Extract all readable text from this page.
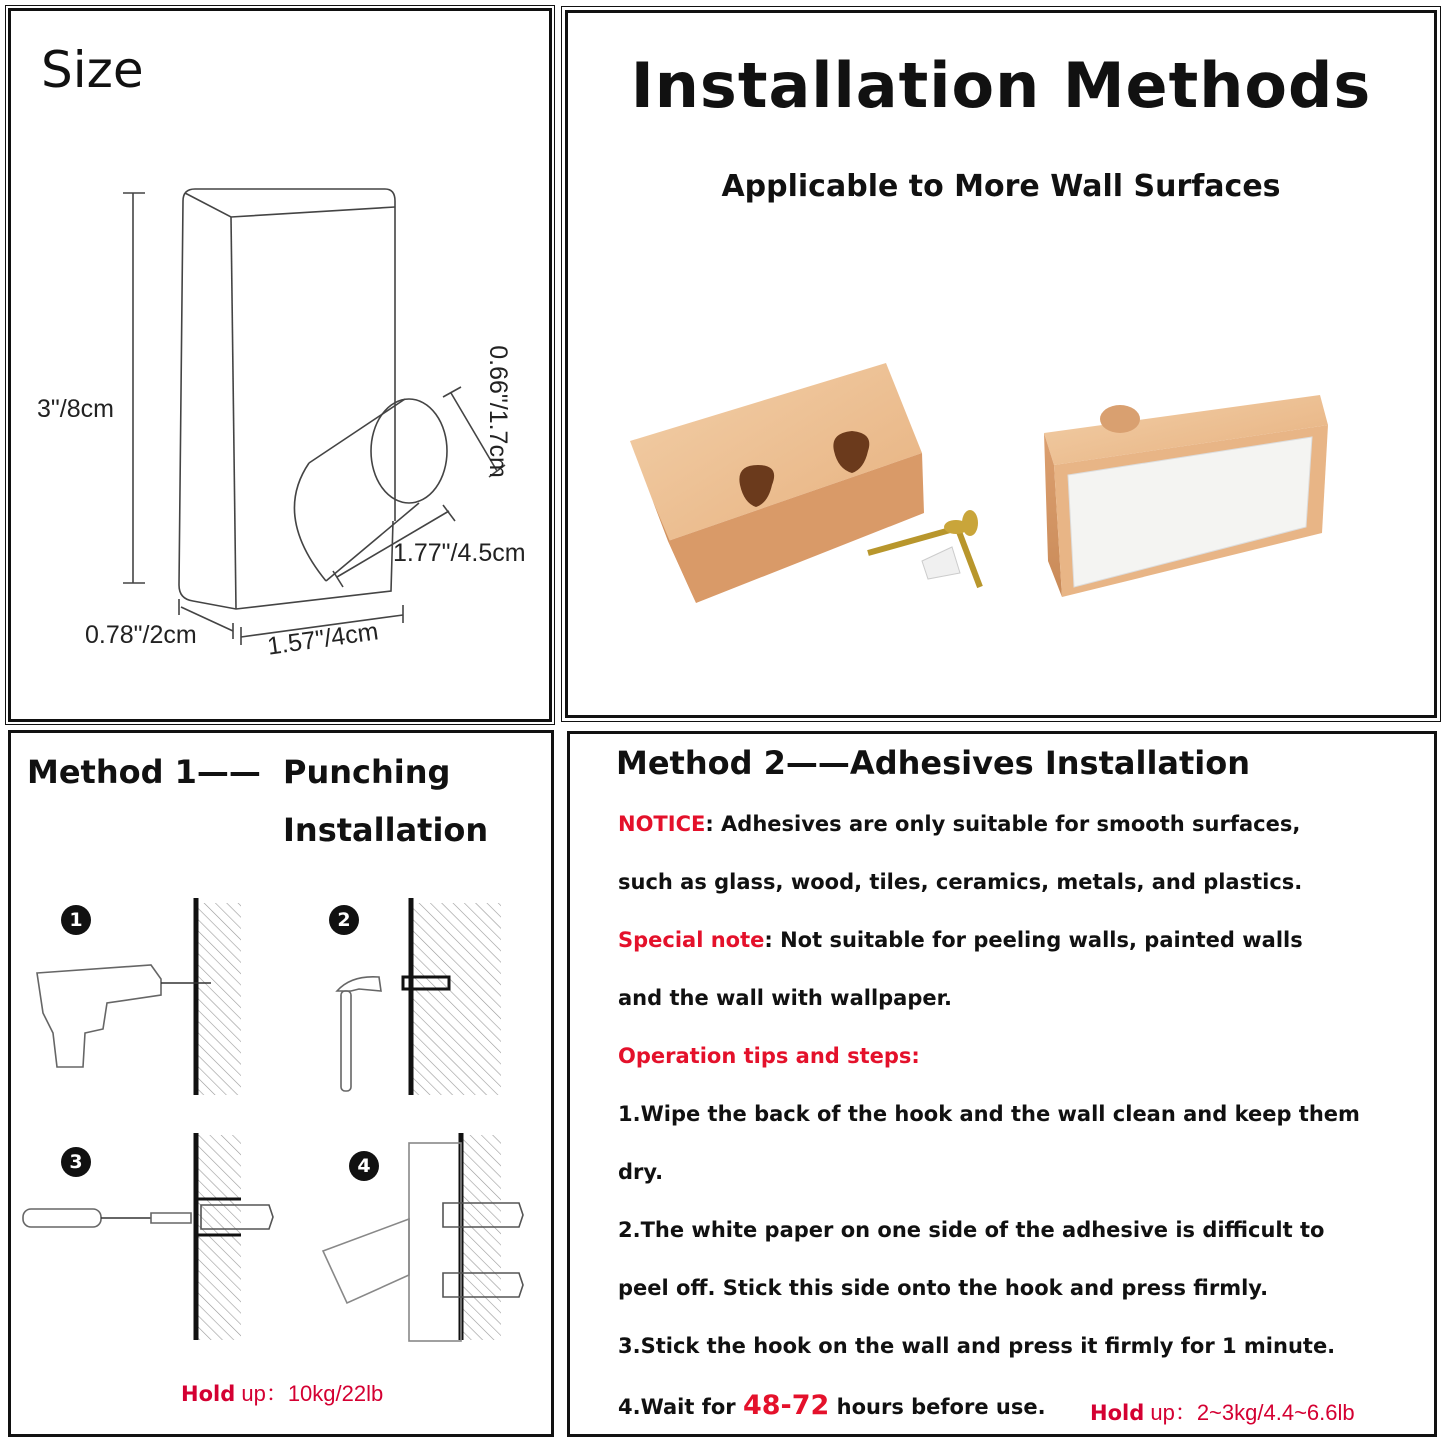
Size

3"/8cm	0.66"/1.7cm

1.77"/4.5cm

0.78"/2cm	1.57"/4cm

Installation Methods

Applicable to More Wall Surfaces

Method 1—— Punching

Installation

1	2
3	4

Hold up：10kg/22lb

Method 2——Adhesives Installation

NOTICE: Adhesives are only suitable for smooth surfaces,

such as glass, wood, tiles, ceramics, metals, and plastics.

Special note: Not suitable for peeling walls, painted walls

and the wall with wallpaper.

Operation tips and steps:

1.Wipe the back of the hook and the wall clean and keep them

dry.

2.The white paper on one side of the adhesive is difficult to

peel off. Stick this side onto the hook and press firmly.

3.Stick the hook on the wall and press it firmly for 1 minute.

4.Wait for 48-72 hours before use. Hold up：2~3kg/4.4~6.6lb
